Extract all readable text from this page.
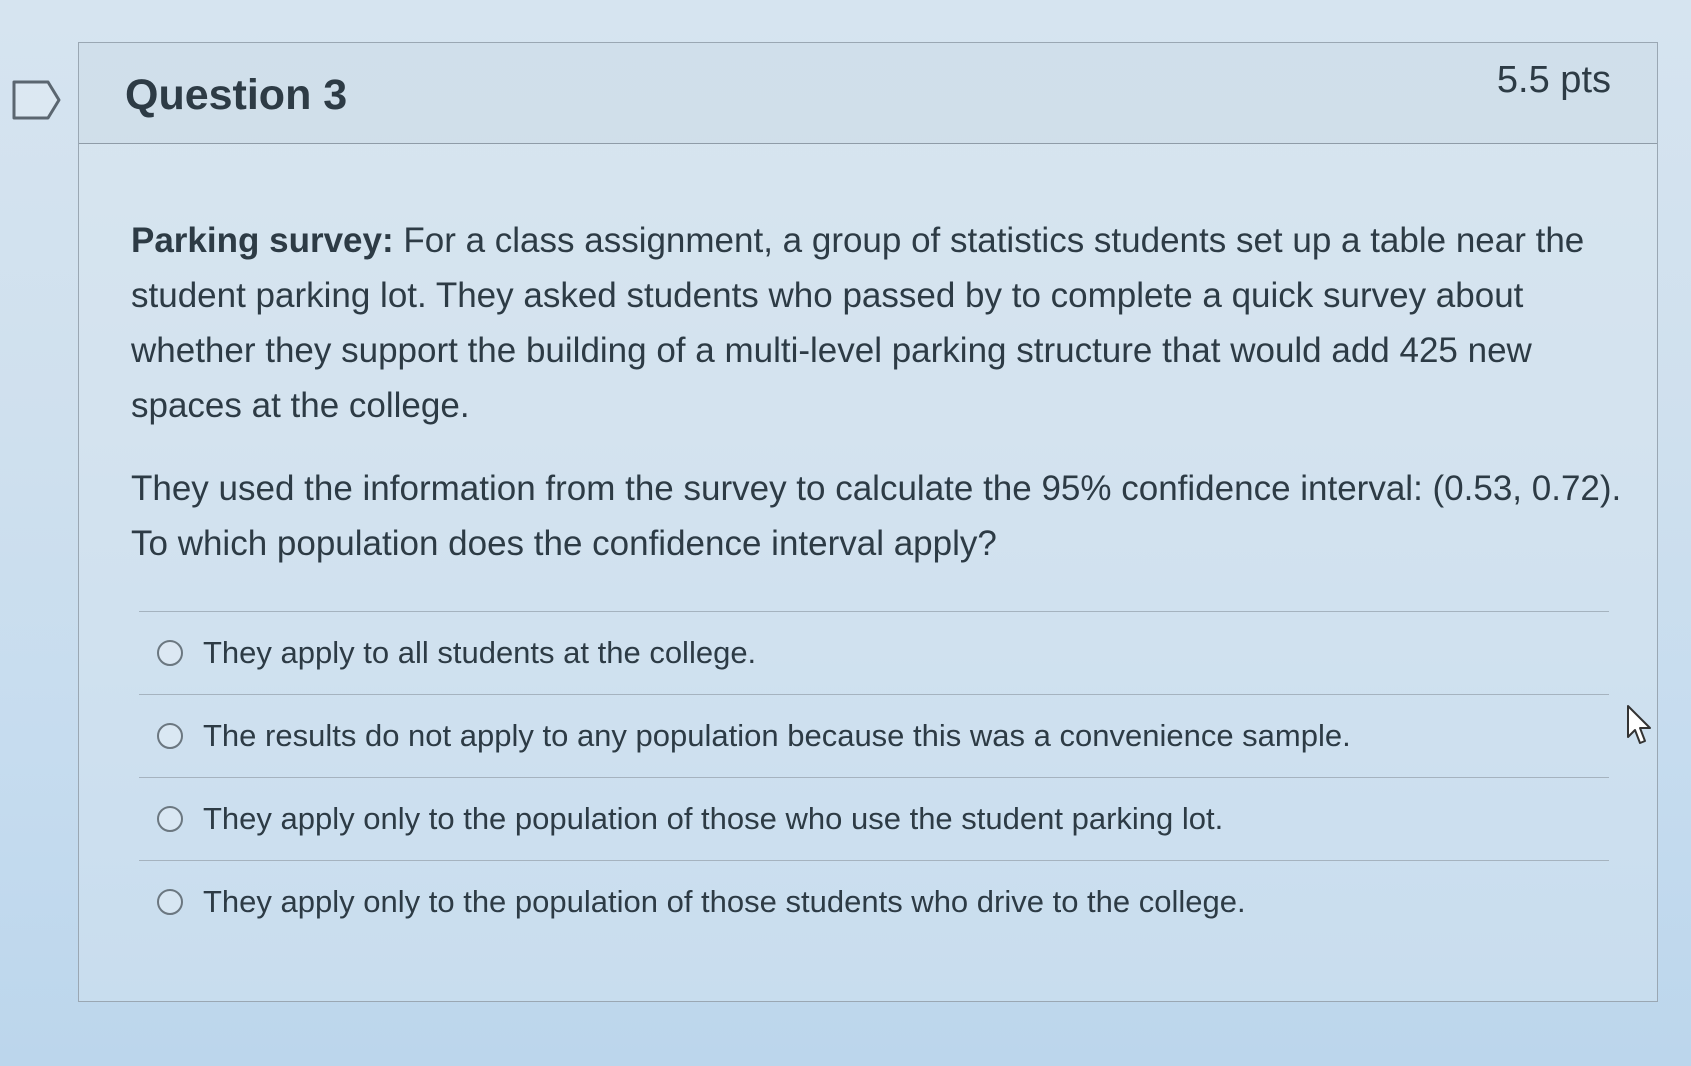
Question 3	5.5 pts

Parking survey: For a class assignment, a group of statistics students set up a table near the student parking lot. They asked students who passed by to complete a quick survey about whether they support the building of a multi-level parking structure that would add 425 new spaces at the college.

They used the information from the survey to calculate the 95% confidence interval: (0.53, 0.72). To which population does the confidence interval apply?

They apply to all students at the college.
The results do not apply to any population because this was a convenience sample.
They apply only to the population of those who use the student parking lot.
They apply only to the population of those students who drive to the college.
